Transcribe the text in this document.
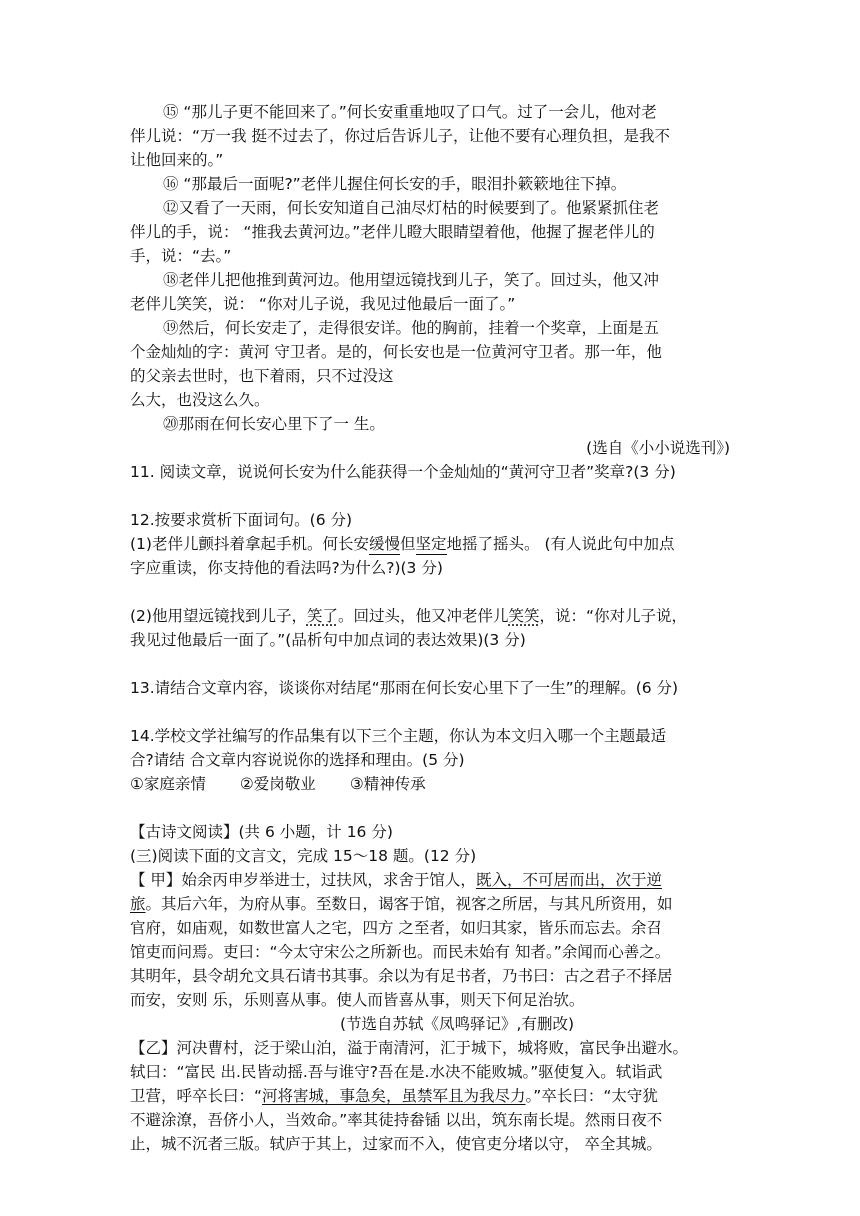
⑮ “那儿子更不能回来了。”何长安重重地叹了口气。过了一会儿，他对老
伴儿说：“万一我 挺不过去了，你过后告诉儿子，让他不要有心理负担，是我不
让他回来的。”
⑯ “那最后一面呢?”老伴儿握住何长安的手，眼泪扑簌簌地往下掉。
⑫又看了一天雨，何长安知道自己油尽灯枯的时候要到了。他紧紧抓住老
伴儿的手，说： “推我去黄河边。”老伴儿瞪大眼睛望着他，他握了握老伴儿的
手，说：“去。”
⑱老伴儿把他推到黄河边。他用望远镜找到儿子，笑了。回过头，他又冲
老伴儿笑笑，说： “你对儿子说，我见过他最后一面了。”
⑲然后，何长安走了，走得很安详。他的胸前，挂着一个奖章，上面是五
个金灿灿的字：黄河 守卫者。是的，何长安也是一位黄河守卫者。那一年，他
的父亲去世时，也下着雨，只不过没这
么大，也没这么久。
⑳那雨在何长安心里下了一 生。
(选自《小小说选刊》)
11. 阅读文章，说说何长安为什么能获得一个金灿灿的“黄河守卫者”奖章?(3 分)
12.按要求赏析下面词句。(6 分)
(1)老伴儿颤抖着拿起手机。何长安缓慢但坚定地摇了摇头。 (有人说此句中加点
字应重读，你支持他的看法吗?为什么?)(3 分)
(2)他用望远镜找到儿子，笑了。回过头，他又冲老伴儿笑笑，说：“你对儿子说，
我见过他最后一面了。”(品析句中加点词的表达效果)(3 分)
13.请结合文章内容，谈谈你对结尾“那雨在何长安心里下了一生”的理解。(6 分)
14.学校文学社编写的作品集有以下三个主题，你认为本文归入哪一个主题最适
合?请结 合文章内容说说你的选择和理由。(5 分)
①家庭亲情 ②爱岗敬业 ③精神传承
【古诗文阅读】(共 6 小题，计 16 分)
(三)阅读下面的文言文，完成 15～18 题。(12 分)
【 甲】始余丙申岁举进士，过扶风，求舍于馆人，既入，不可居而出，次于逆
旅。其后六年，为府从事。至数日，谒客于馆，视客之所居，与其凡所资用，如
官府，如庙观，如数世富人之宅，四方 之至者，如归其家，皆乐而忘去。余召
馆吏而问焉。吏曰：“今太守宋公之所新也。而民未始有 知者。”余闻而心善之。
其明年，县令胡允文具石请书其事。余以为有足书者，乃书曰：古之君子不择居
而安，安则 乐，乐则喜从事。使人而皆喜从事，则天下何足治欤。
(节选自苏轼《凤鸣驿记》,有删改)
【乙】河决曹村，泛于梁山泊，溢于南清河，汇于城下，城将败，富民争出避水。
轼曰：“富民 出.民皆动摇.吾与谁守?吾在是.水决不能败城。”驱使复入。轼诣武
卫营，呼卒长曰：“河将害城，事急矣，虽禁军且为我尽力。”卒长曰：“太守犹
不避涂潦，吾侪小人，当效命。”率其徒持畚锸 以出，筑东南长堤。然雨日夜不
止，城不沉者三版。轼庐于其上，过家而不入，使官吏分堵以守， 卒全其城。
